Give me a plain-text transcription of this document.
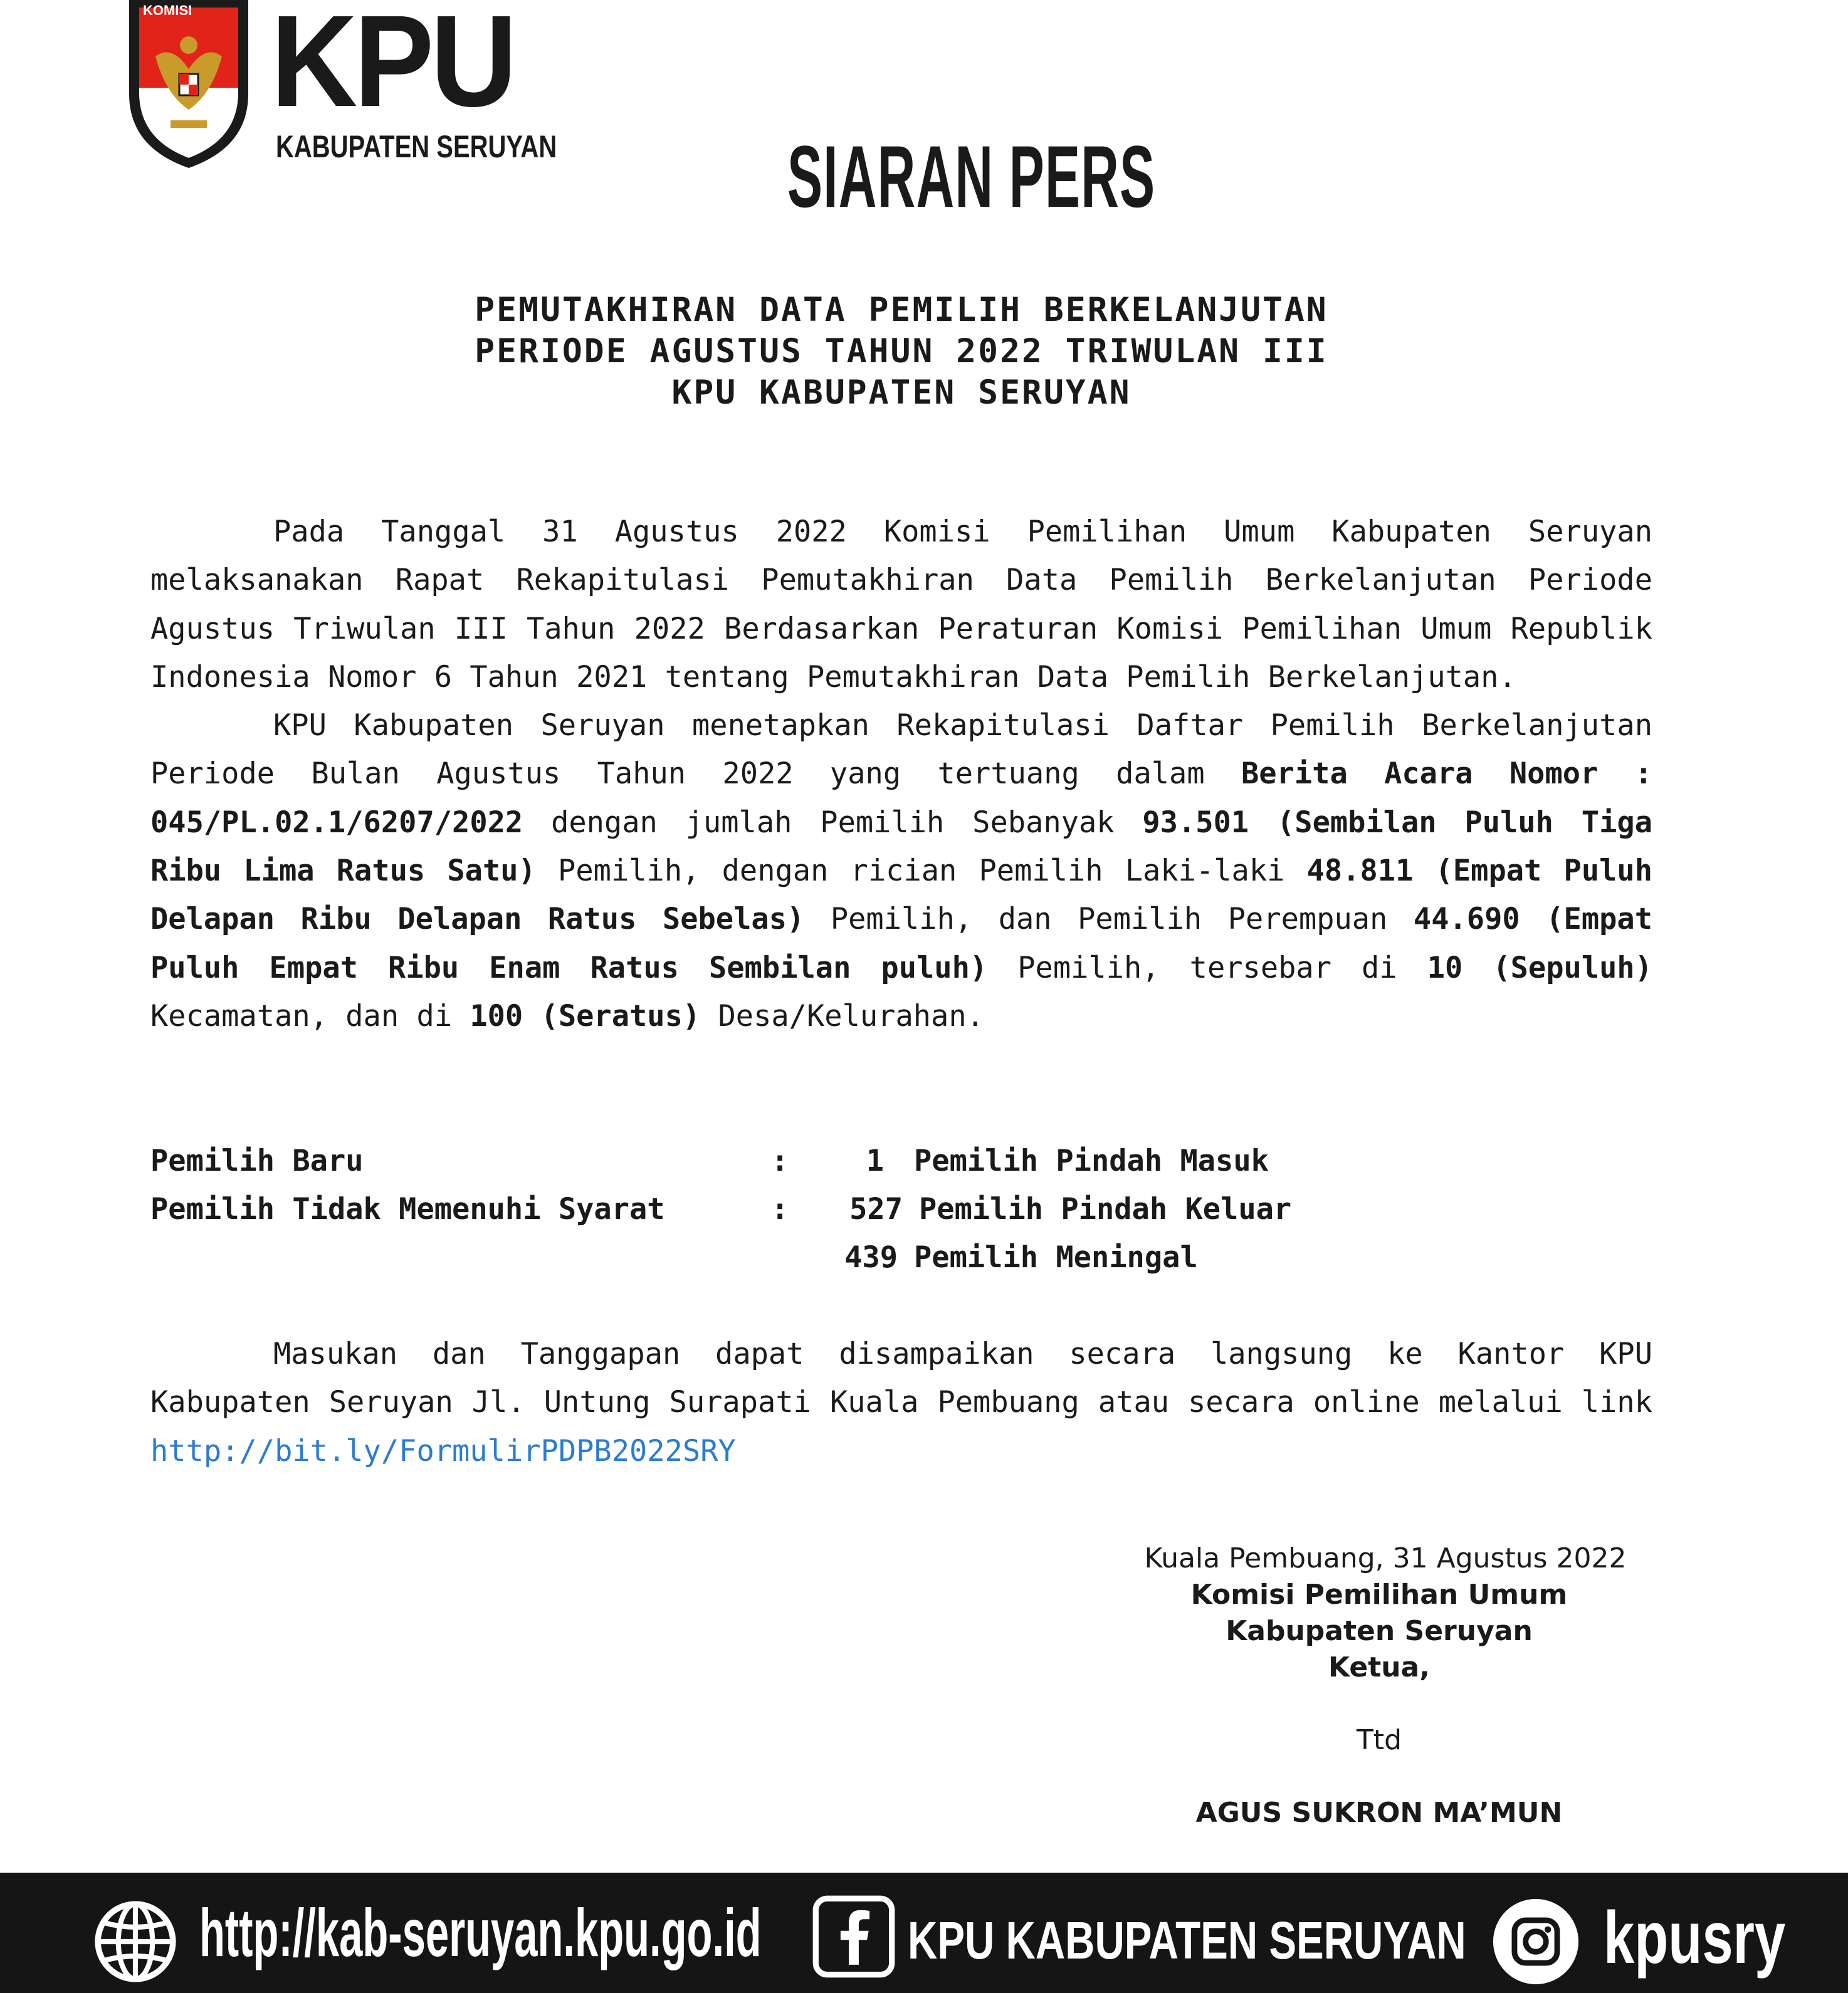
KOMISI KPU
KABUPATEN SERUYAN	SIARAN PERS
PEMUTAKHIRAN DATA PEMILIH BERKELANJUTAN
PERIODE AGUSTUS TAHUN 2022 TRIWULAN III
KPU KABUPATEN SERUYAN

Pada Tanggal 31 Agustus 2022 Komisi Pemilihan Umum Kabupaten Seruyan melaksanakan Rapat Rekapitulasi Pemutakhiran Data Pemilih Berkelanjutan Periode Agustus Triwulan III Tahun 2022 Berdasarkan Peraturan Komisi Pemilihan Umum Republik Indonesia Nomor 6 Tahun 2021 tentang Pemutakhiran Data Pemilih Berkelanjutan.

KPU Kabupaten Seruyan menetapkan Rekapitulasi Daftar Pemilih Berkelanjutan Periode Bulan Agustus Tahun 2022 yang tertuang dalam Berita Acara Nomor : 045/PL.02.1/6207/2022 dengan jumlah Pemilih Sebanyak 93.501 (Sembilan Puluh Tiga Ribu Lima Ratus Satu) Pemilih, dengan rician Pemilih Laki-laki 48.811 (Empat Puluh Delapan Ribu Delapan Ratus Sebelas) Pemilih, dan Pemilih Perempuan 44.690 (Empat Puluh Empat Ribu Enam Ratus Sembilan puluh) Pemilih, tersebar di 10 (Sepuluh) Kecamatan, dan di 100 (Seratus) Desa/Kelurahan.

Pemilih Baru	:	1 Pemilih Pindah Masuk
Pemilih Tidak Memenuhi Syarat	:	527 Pemilih Pindah Keluar
439 Pemilih Meningal

Masukan dan Tanggapan dapat disampaikan secara langsung ke Kantor KPU Kabupaten Seruyan Jl. Untung Surapati Kuala Pembuang atau secara online melalui link http://bit.ly/FormulirPDPB2022SRY

Kuala Pembuang, 31 Agustus 2022
Komisi Pemilihan Umum
Kabupaten Seruyan
Ketua,
Ttd
AGUS SUKRON MA’MUN
http://kab-seruyan.kpu.go.id	KPU KABUPATEN SERUYAN kpusry
